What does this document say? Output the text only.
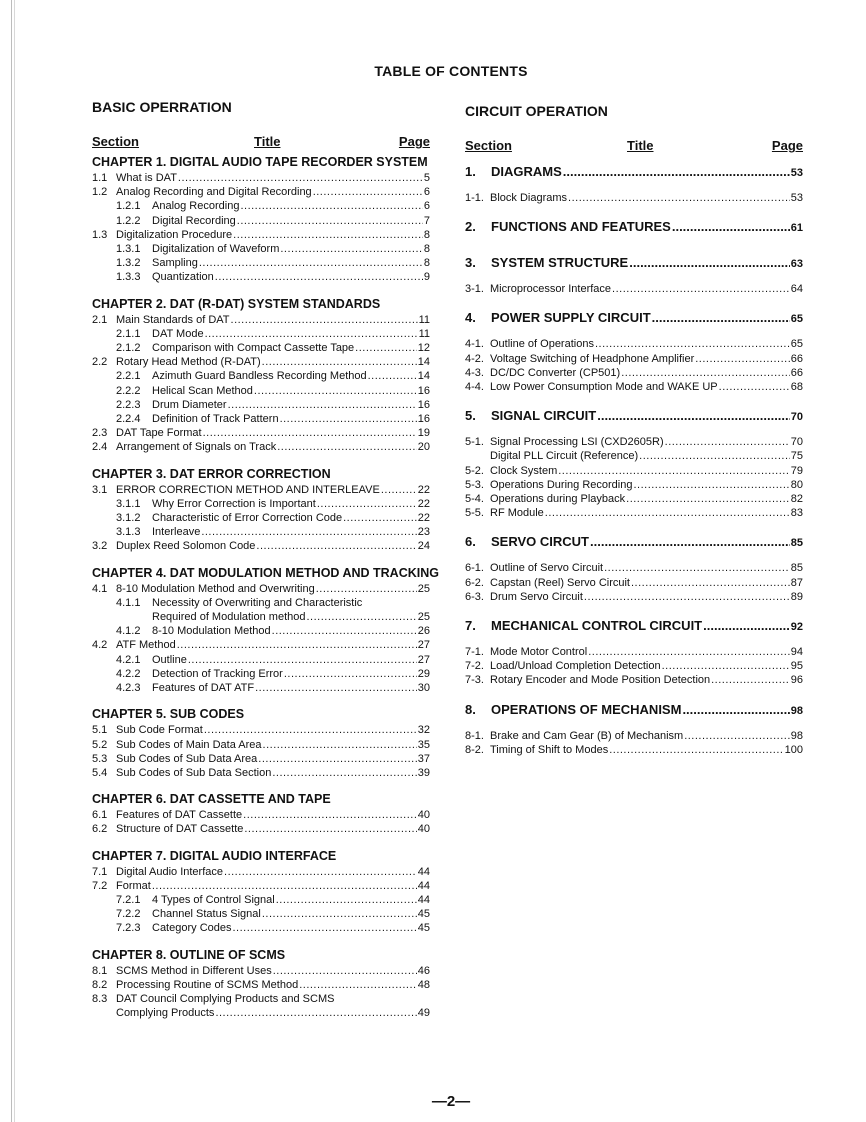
TABLE OF CONTENTS
BASIC OPERRATION
Section	Title	Page
CHAPTER 1. DIGITAL AUDIO TAPE RECORDER SYSTEM
1.1 What is DAT .....	5
1.2 Analog Recording and Digital Recording .....	6
1.2.1	Analog Recording .....	6
1.2.2	Digital Recording .....	7
1.3 Digitalization Procedure .....	8
1.3.1	Digitalization of Waveform .....	8
1.3.2	Sampling .....	8
1.3.3	Quantization .....	9
CHAPTER 2. DAT (R-DAT) SYSTEM STANDARDS
2.1 Main Standards of DAT .....	11
2.1.1	DAT Mode .....	11
2.1.2	Comparison with Compact Cassette Tape .....	12
2.2 Rotary Head Method (R-DAT) .....	14
2.2.1	Azimuth Guard Bandless Recording Method .....	14
2.2.2	Helical Scan Method .....	16
2.2.3	Drum Diameter .....	16
2.2.4	Definition of Track Pattern .....	16
2.3 DAT Tape Format .....	19
2.4 Arrangement of Signals on Track .....	20
CHAPTER 3. DAT ERROR CORRECTION
3.1 ERROR CORRECTION METHOD AND INTERLEAVE .....	22
3.1.1	Why Error Correction is Important .....	22
3.1.2	Characteristic of Error Correction Code .....	22
3.1.3	Interleave .....	23
3.2 Duplex Reed Solomon Code .....	24
CHAPTER 4. DAT MODULATION METHOD AND TRACKING
4.1 8-10 Modulation Method and Overwriting .....	25
4.1.1	Necessity of Overwriting and Characteristic
Required of Modulation method .....	25
4.1.2	8-10 Modulation Method .....	26
4.2 ATF Method .....	27
4.2.1	Outline .....	27
4.2.2	Detection of Tracking Error .....	29
4.2.3	Features of DAT ATF .....	30
CHAPTER 5. SUB CODES
5.1 Sub Code Format .....	32
5.2 Sub Codes of Main Data Area .....	35
5.3 Sub Codes of Sub Data Area .....	37
5.4 Sub Codes of Sub Data Section .....	39
CHAPTER 6. DAT CASSETTE AND TAPE
6.1 Features of DAT Cassette .....	40
6.2 Structure of DAT Cassette .....	40
CHAPTER 7. DIGITAL AUDIO INTERFACE
7.1 Digital Audio Interface .....	44
7.2 Format .....	44
7.2.1	4 Types of Control Signal .....	44
7.2.2	Channel Status Signal .....	45
7.2.3	Category Codes .....	45
CHAPTER 8. OUTLINE OF SCMS
8.1 SCMS Method in Different Uses .....	46
8.2 Processing Routine of SCMS Method .....	48
8.3 DAT Council Complying Products and SCMS
Complying Products .....	49
CIRCUIT OPERATION
Section	Title	Page
1.	DIAGRAMS .....	53
1-1. Block Diagrams .....	53
2.	FUNCTIONS AND FEATURES .....	61
3.	SYSTEM STRUCTURE .....	63
3-1. Microprocessor Interface .....	64
4.	POWER SUPPLY CIRCUIT .....	65
4-1. Outline of Operations .....	65
4-2. Voltage Switching of Headphone Amplifier .....	66
4-3. DC/DC Converter (CP501) .....	66
4-4. Low Power Consumption Mode and WAKE UP .....	68
5.	SIGNAL CIRCUIT .....	70
5-1. Signal Processing LSI (CXD2605R) .....	70
Digital PLL Circuit (Reference) .....	75
5-2. Clock System .....	79
5-3. Operations During Recording .....	80
5-4. Operations during Playback .....	82
5-5. RF Module .....	83
6.	SERVO CIRCUT .....	85
6-1. Outline of Servo Circuit .....	85
6-2. Capstan (Reel) Servo Circuit .....	87
6-3. Drum Servo Circuit .....	89
7.	MECHANICAL CONTROL CIRCUIT .....	92
7-1. Mode Motor Control .....	94
7-2. Load/Unload Completion Detection .....	95
7-3. Rotary Encoder and Mode Position Detection .....	96
8.	OPERATIONS OF MECHANISM .....	98
8-1. Brake and Cam Gear (B) of Mechanism .....	98
8-2. Timing of Shift to Modes .....	100
—2—
